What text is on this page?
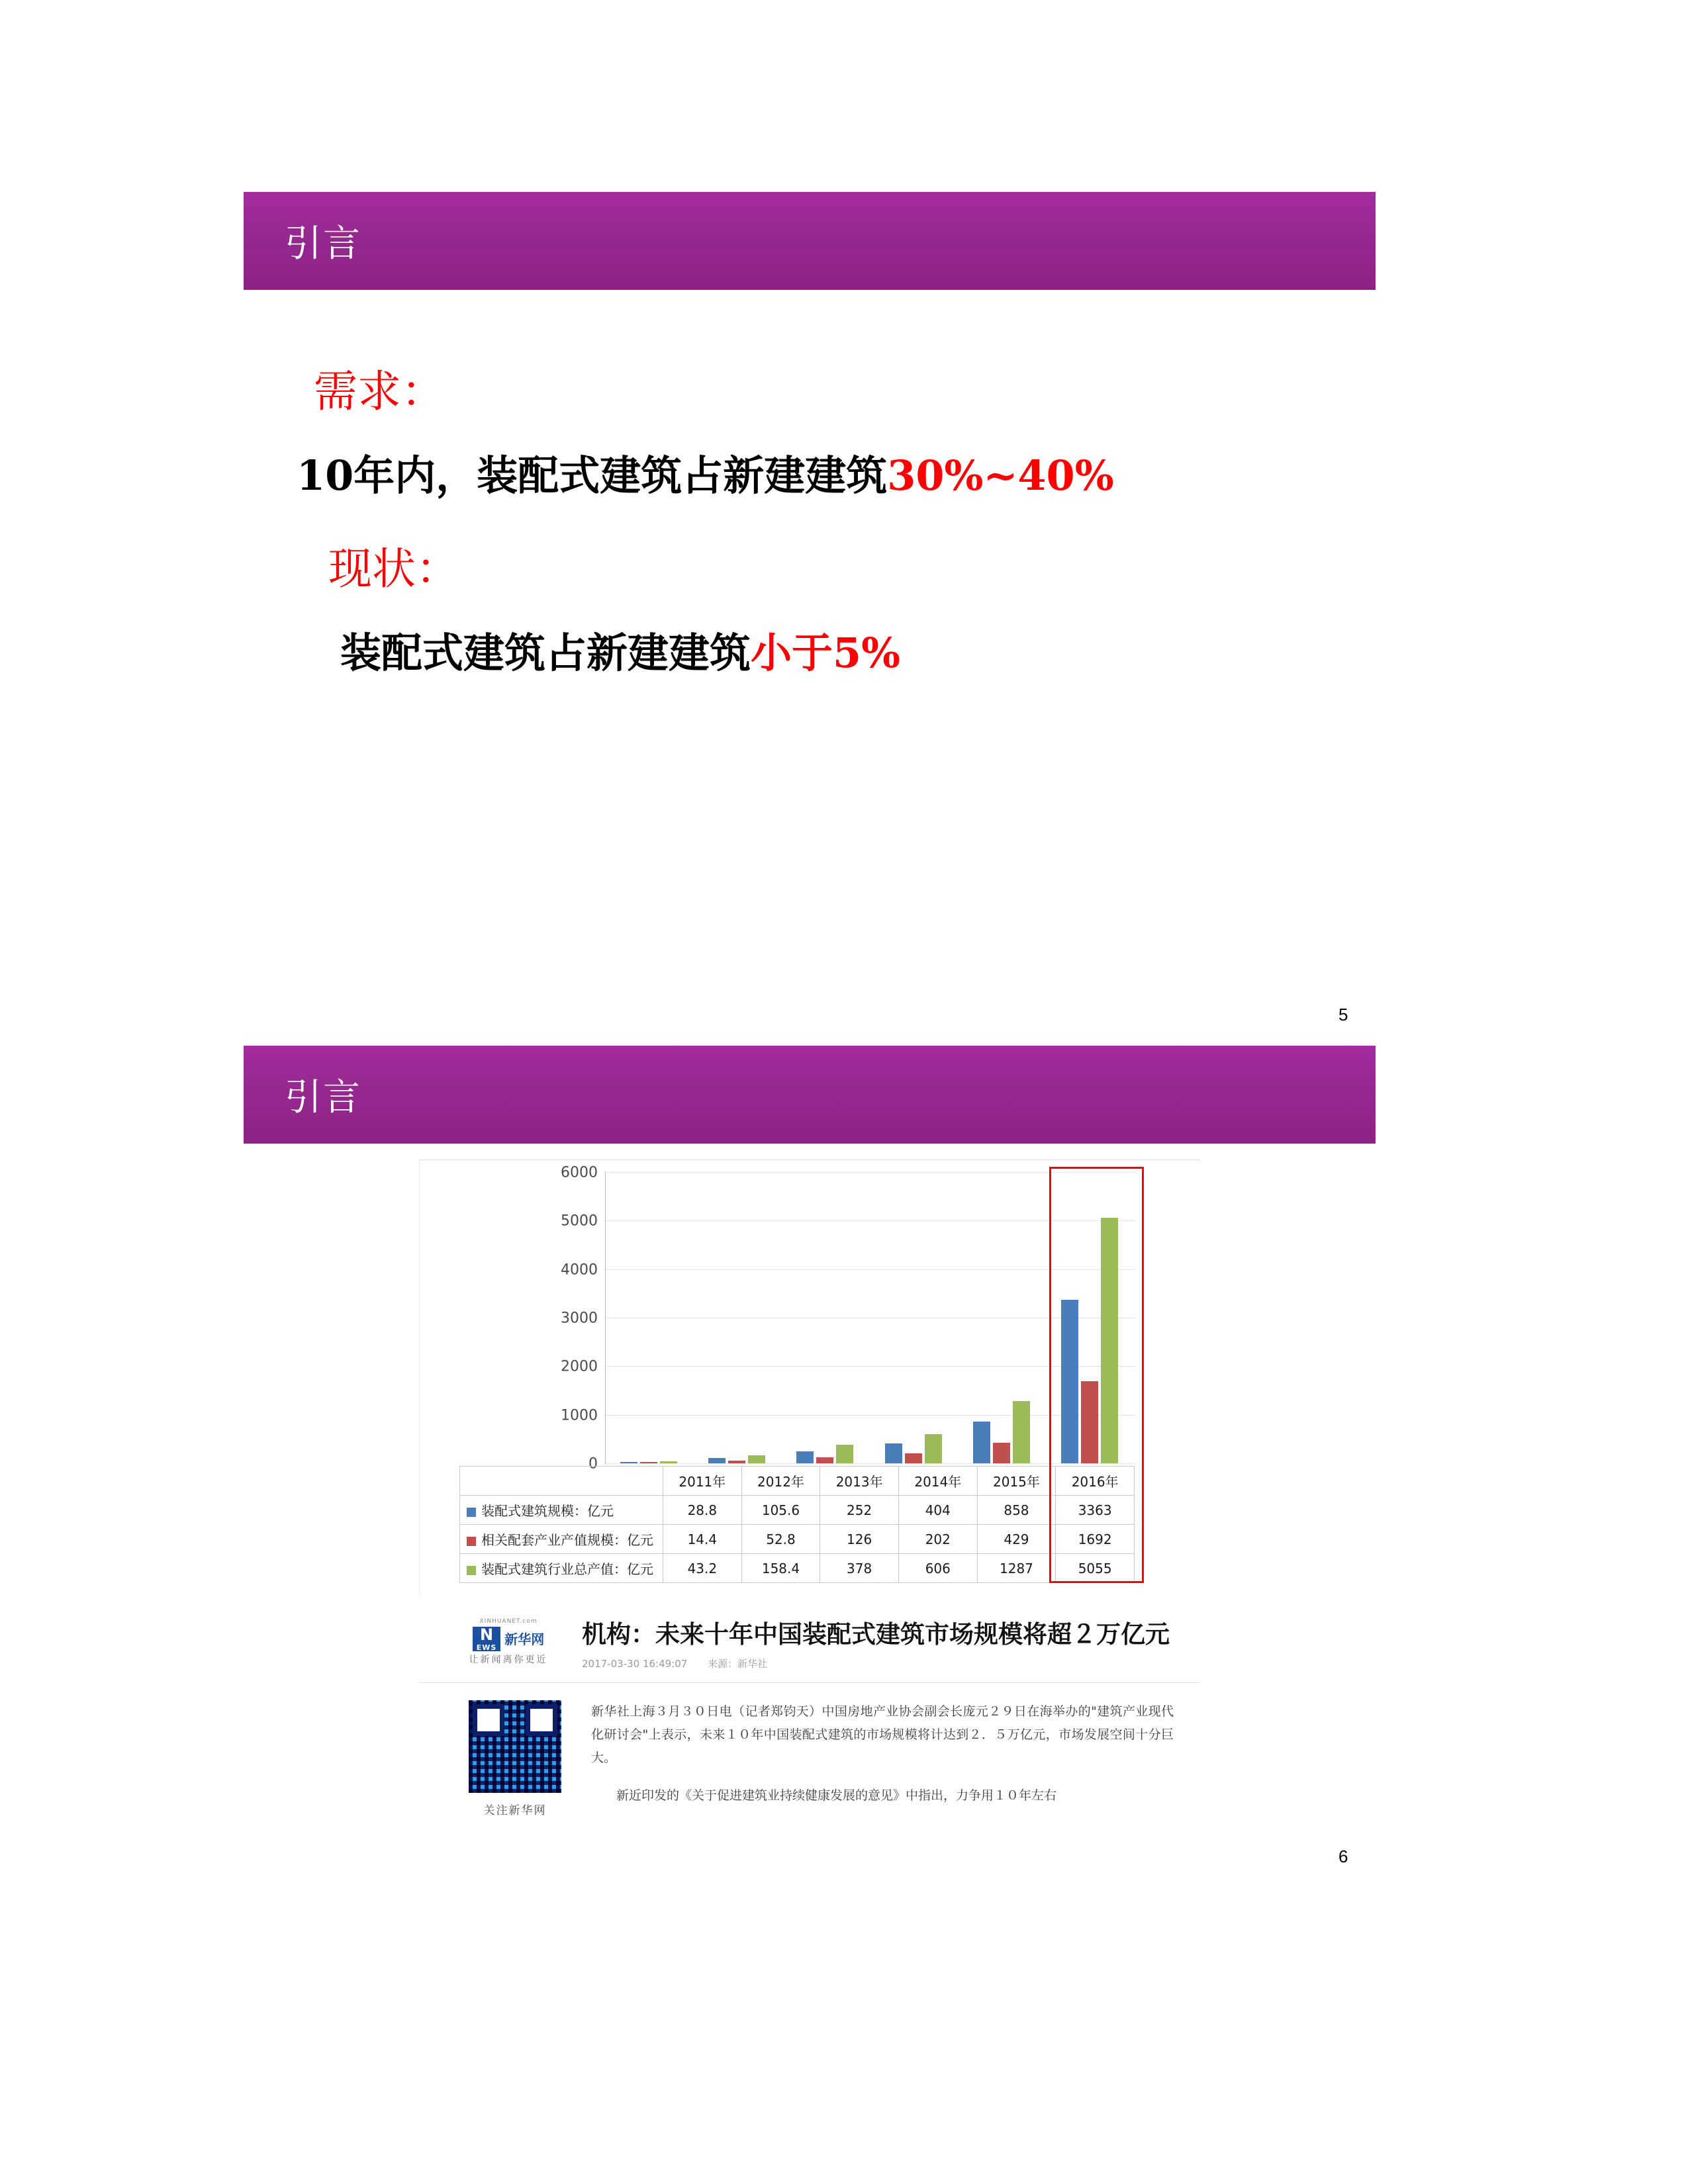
引言
需求：
10年内，装配式建筑占新建建筑30%~40%
现状：
装配式建筑占新建建筑小于5%
5
引言
0
1000
2000
3000
4000
5000
6000
	2011年	2012年	2013年	2014年	2015年	2016年
装配式建筑规模：亿元	28.8	105.6	252	404	858	3363
相关配套产业产值规模：亿元	14.4	52.8	126	202	429	1692
装配式建筑行业总产值：亿元	43.2	158.4	378	606	1287	5055
XINHUANET.com
N
EWS
新华网
让新闻离你更近
机构：未来十年中国装配式建筑市场规模将超２万亿元
2017-03-30 16:49:07 来源：新华社
关注新华网

新华社上海３月３０日电（记者郑钧天）中国房地产业协会副会长庞元２９日在海举办的"建筑产业现代化研讨会"上表示，未来１０年中国装配式建筑的市场规模将计达到２．５万亿元，市场发展空间十分巨大。

新近印发的《关于促进建筑业持续健康发展的意见》中指出，力争用１０年左右

6
